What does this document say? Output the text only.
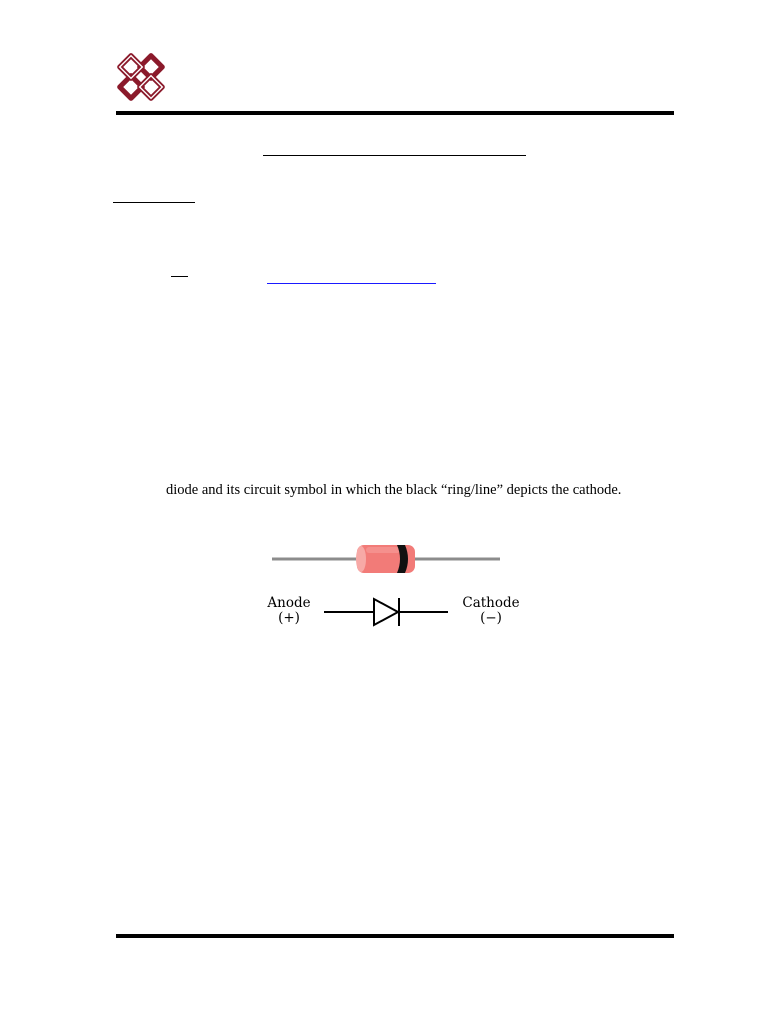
diode and its circuit symbol in which the black “ring/line” depicts the cathode.
Anode
(+)
Cathode
(−)
